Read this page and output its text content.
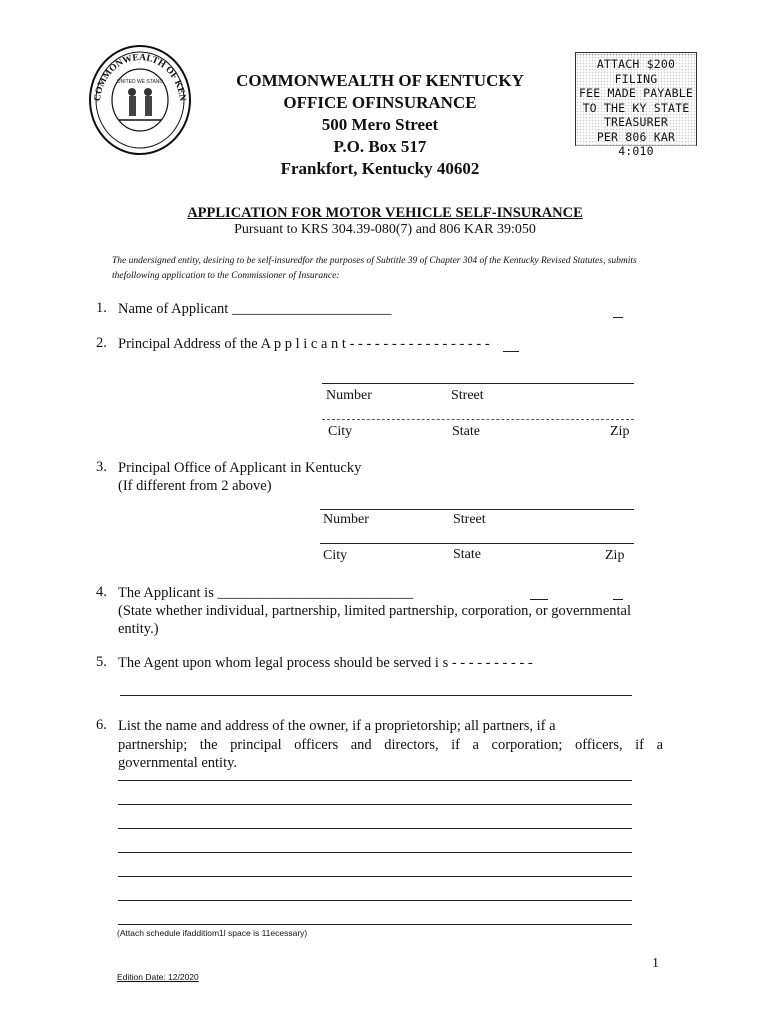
COMMONWEALTH OF KEN
UNITED WE STAND	COMMONWEALTH OF KENTUCKY
OFFICE OFINSURANCE
500 Mero Street
P.O. Box 517
Frankfort, Kentucky 40602
ATTACH $200 FILING
FEE MADE PAYABLE
TO THE KY STATE
TREASURER
PER 806 KAR 4:010
APPLICATION FOR MOTOR VEHICLE SELF-INSURANCE
Pursuant to KRS 304.39-080(7) and 806 KAR 39:050
The undersigned entity, desiring to be self-insuredfor the purposes of Subtitle 39 of Chapter 304 of the Kentucky Revised Statutes, submits thefollowing application to the Commissioner of Insurance:
1. Name of Applicant ______________________
2. Principal Address of the A p p l i c a n t - - - - - - - - - - - - - - - - -
Number	Street
City	State	Zip
3. Principal Office of Applicant in Kentucky
(If different from 2 above)
Number	Street
City	State	Zip
4. The Applicant is ___________________________
(State whether individual, partnership, limited partnership, corporation, or governmental
entity.)
5. The Agent upon whom legal process should be served i s - - - - - - - - - -
6. List the name and address of the owner, if a proprietorship; all partners, if a
partnership; the principal officers and directors, if a corporation; officers, if a
governmental entity.
(Attach schedule ifadditiom1l space is 11ecessary)
1
Edition Date: 12/2020
